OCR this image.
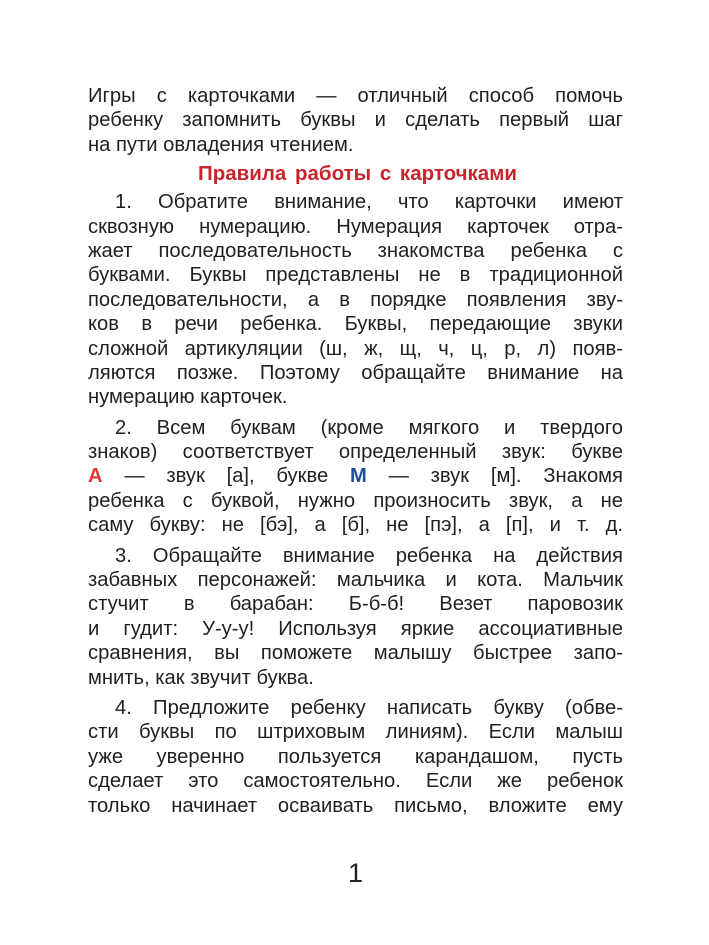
Игры с карточками — отличный способ помочь
ребенку запомнить буквы и сделать первый шаг
на пути овладения чтением.
Правила работы с карточками
1. Обратите внимание, что карточки имеют
сквозную нумерацию. Нумерация карточек отра-
жает последовательность знакомства ребенка с
буквами. Буквы представлены не в традиционной
последовательности, а в порядке появления зву-
ков в речи ребенка. Буквы, передающие звуки
сложной артикуляции (ш, ж, щ, ч, ц, р, л) появ-
ляются позже. Поэтому обращайте внимание на
нумерацию карточек.
2. Всем буквам (кроме мягкого и твердого
знаков) соответствует определенный звук: букве
А — звук [а], букве М — звук [м]. Знакомя
ребенка с буквой, нужно произносить звук, а не
саму букву: не [бэ], а [б], не [пэ], а [п], и т. д.
3. Обращайте внимание ребенка на действия
забавных персонажей: мальчика и кота. Мальчик
стучит в барабан: Б-б-б! Везет паровозик
и гудит: У-у-у! Используя яркие ассоциативные
сравнения, вы поможете малышу быстрее запо-
мнить, как звучит буква.
4. Предложите ребенку написать букву (обве-
сти буквы по штриховым линиям). Если малыш
уже уверенно пользуется карандашом, пусть
сделает это самостоятельно. Если же ребенок
только начинает осваивать письмо, вложите ему
1
